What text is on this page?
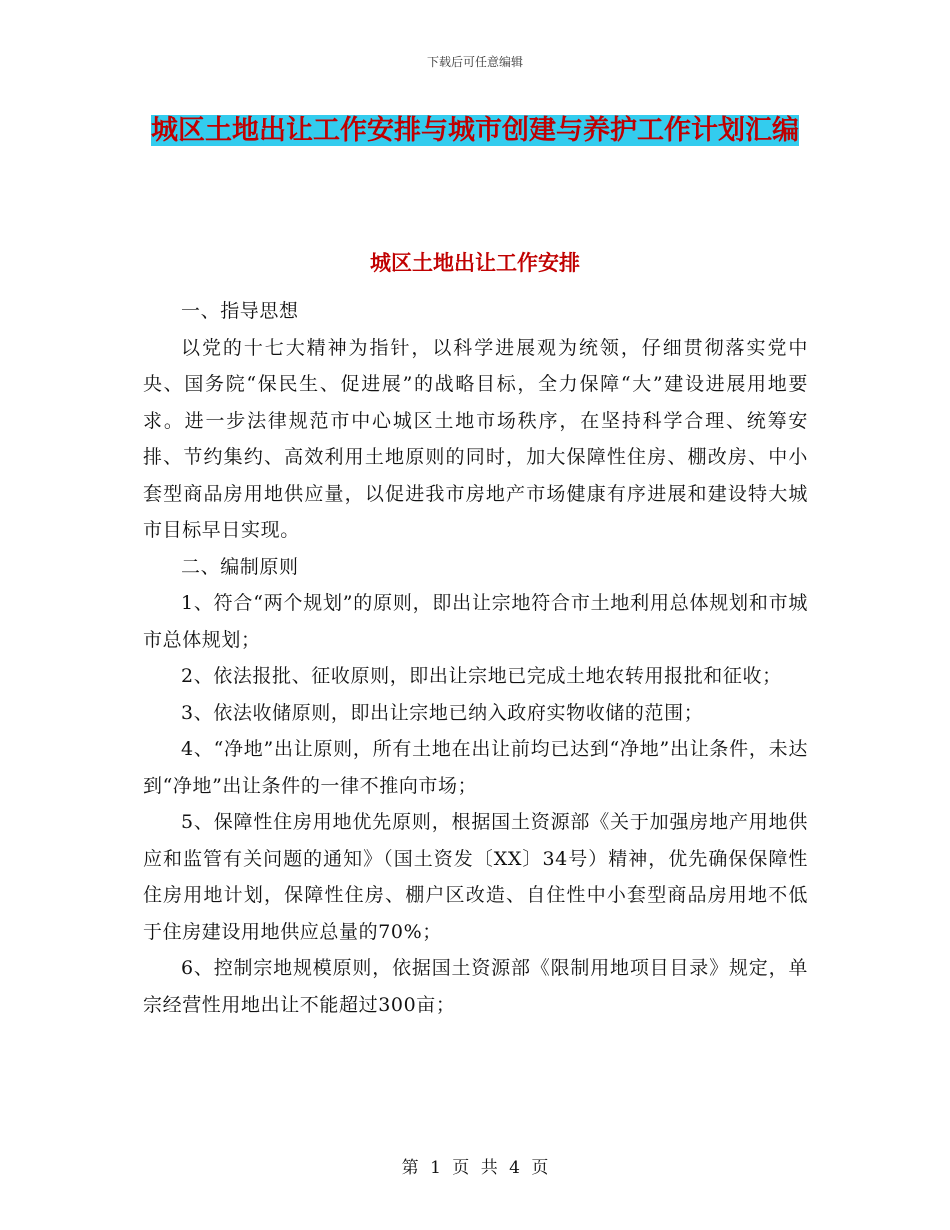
下载后可任意编辑
城区土地出让工作安排与城市创建与养护工作计划汇编
城区土地出让工作安排

一、指导思想

以党的十七大精神为指针，以科学进展观为统领，仔细贯彻落实党中央、国务院“保民生、促进展”的战略目标，全力保障“大”建设进展用地要求。进一步法律规范市中心城区土地市场秩序，在坚持科学合理、统筹安排、节约集约、高效利用土地原则的同时，加大保障性住房、棚改房、中小套型商品房用地供应量，以促进我市房地产市场健康有序进展和建设特大城市目标早日实现。

二、编制原则

1、符合“两个规划”的原则，即出让宗地符合市土地利用总体规划和市城市总体规划；

2、依法报批、征收原则，即出让宗地已完成土地农转用报批和征收；

3、依法收储原则，即出让宗地已纳入政府实物收储的范围；

4、“净地”出让原则，所有土地在出让前均已达到“净地”出让条件，未达到“净地”出让条件的一律不推向市场；

5、保障性住房用地优先原则，根据国土资源部《关于加强房地产用地供应和监管有关问题的通知》（国土资发〔XX〕34号）精神，优先确保保障性住房用地计划，保障性住房、棚户区改造、自住性中小套型商品房用地不低于住房建设用地供应总量的70%；

6、控制宗地规模原则，依据国土资源部《限制用地项目目录》规定，单宗经营性用地出让不能超过300亩；

第 1 页 共 4 页
